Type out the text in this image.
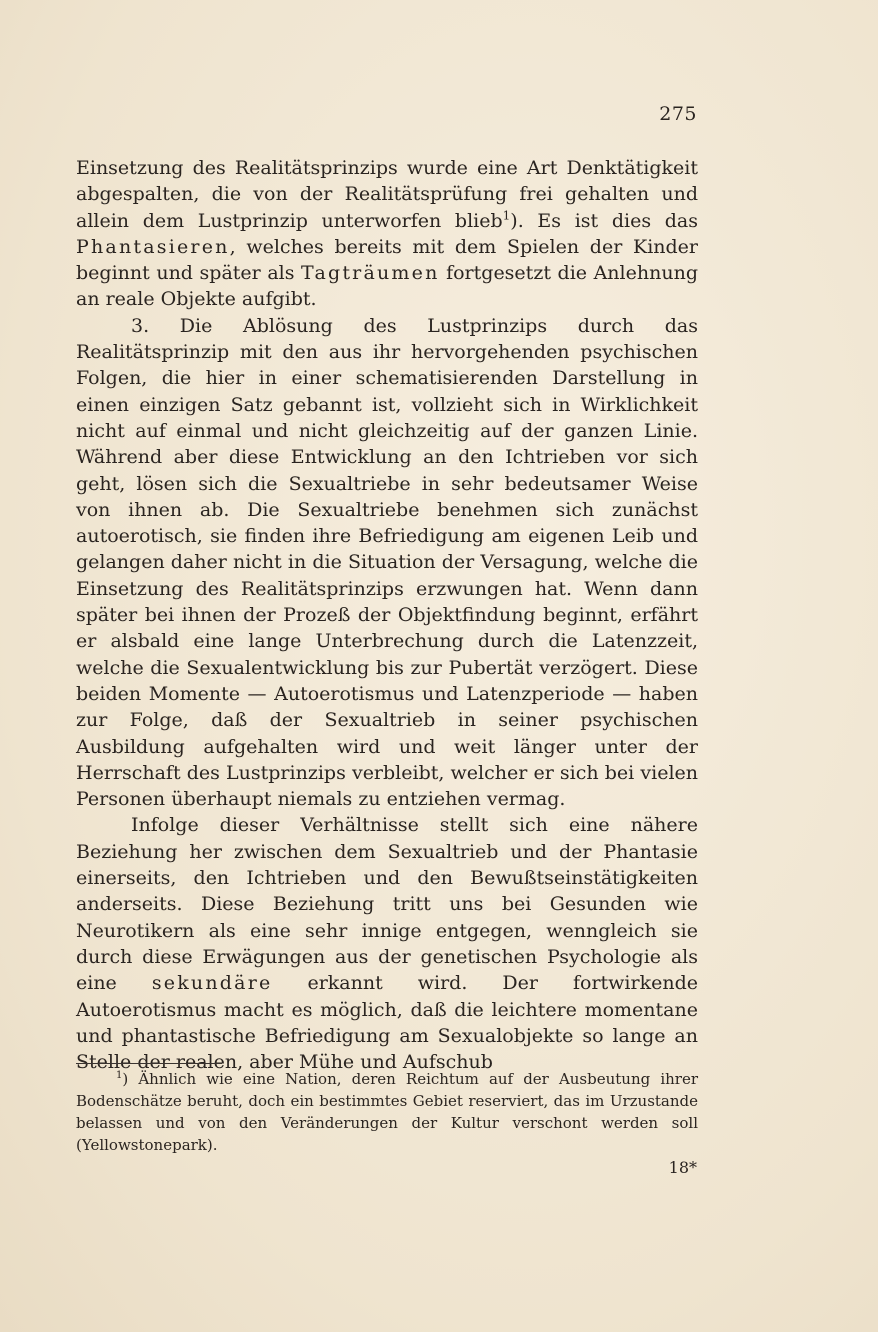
275

Einsetzung des Realitätsprinzips wurde eine Art Denktätigkeit abgespalten, die von der Realitätsprüfung frei gehalten und allein dem Lustprinzip unterworfen blieb$^1$). Es ist dies das Phantasieren, welches bereits mit dem Spielen der Kinder beginnt und später als Tagträumen fortgesetzt die Anlehnung an reale Objekte aufgibt.

3. Die Ablösung des Lustprinzips durch das Realitätsprinzip mit den aus ihr hervorgehenden psychischen Folgen, die hier in einer schematisierenden Darstellung in einen einzigen Satz gebannt ist, vollzieht sich in Wirklichkeit nicht auf einmal und nicht gleichzeitig auf der ganzen Linie. Während aber diese Entwicklung an den Ichtrieben vor sich geht, lösen sich die Sexualtriebe in sehr bedeutsamer Weise von ihnen ab. Die Sexualtriebe benehmen sich zunächst autoerotisch, sie finden ihre Befriedigung am eigenen Leib und gelangen daher nicht in die Situation der Versagung, welche die Einsetzung des Realitätsprinzips erzwungen hat. Wenn dann später bei ihnen der Prozeß der Objektfindung beginnt, erfährt er alsbald eine lange Unterbrechung durch die Latenzzeit, welche die Sexualentwicklung bis zur Pubertät verzögert. Diese beiden Momente — Autoerotismus und Latenzperiode — haben zur Folge, daß der Sexualtrieb in seiner psychischen Ausbildung aufgehalten wird und weit länger unter der Herrschaft des Lustprinzips verbleibt, welcher er sich bei vielen Personen überhaupt niemals zu entziehen vermag.

Infolge dieser Verhältnisse stellt sich eine nähere Beziehung her zwischen dem Sexualtrieb und der Phantasie einerseits, den Ichtrieben und den Bewußtseinstätigkeiten anderseits. Diese Beziehung tritt uns bei Gesunden wie Neurotikern als eine sehr innige entgegen, wenngleich sie durch diese Erwägungen aus der genetischen Psychologie als eine sekundäre erkannt wird. Der fortwirkende Autoerotismus macht es möglich, daß die leichtere momentane und phantastische Befriedigung am Sexualobjekte so lange an Stelle der realen, aber Mühe und Aufschub

$^1$) Ähnlich wie eine Nation, deren Reichtum auf der Ausbeutung ihrer Bodenschätze beruht, doch ein bestimmtes Gebiet reserviert, das im Urzustande belassen und von den Veränderungen der Kultur verschont werden soll (Yellowstonepark).

18*
